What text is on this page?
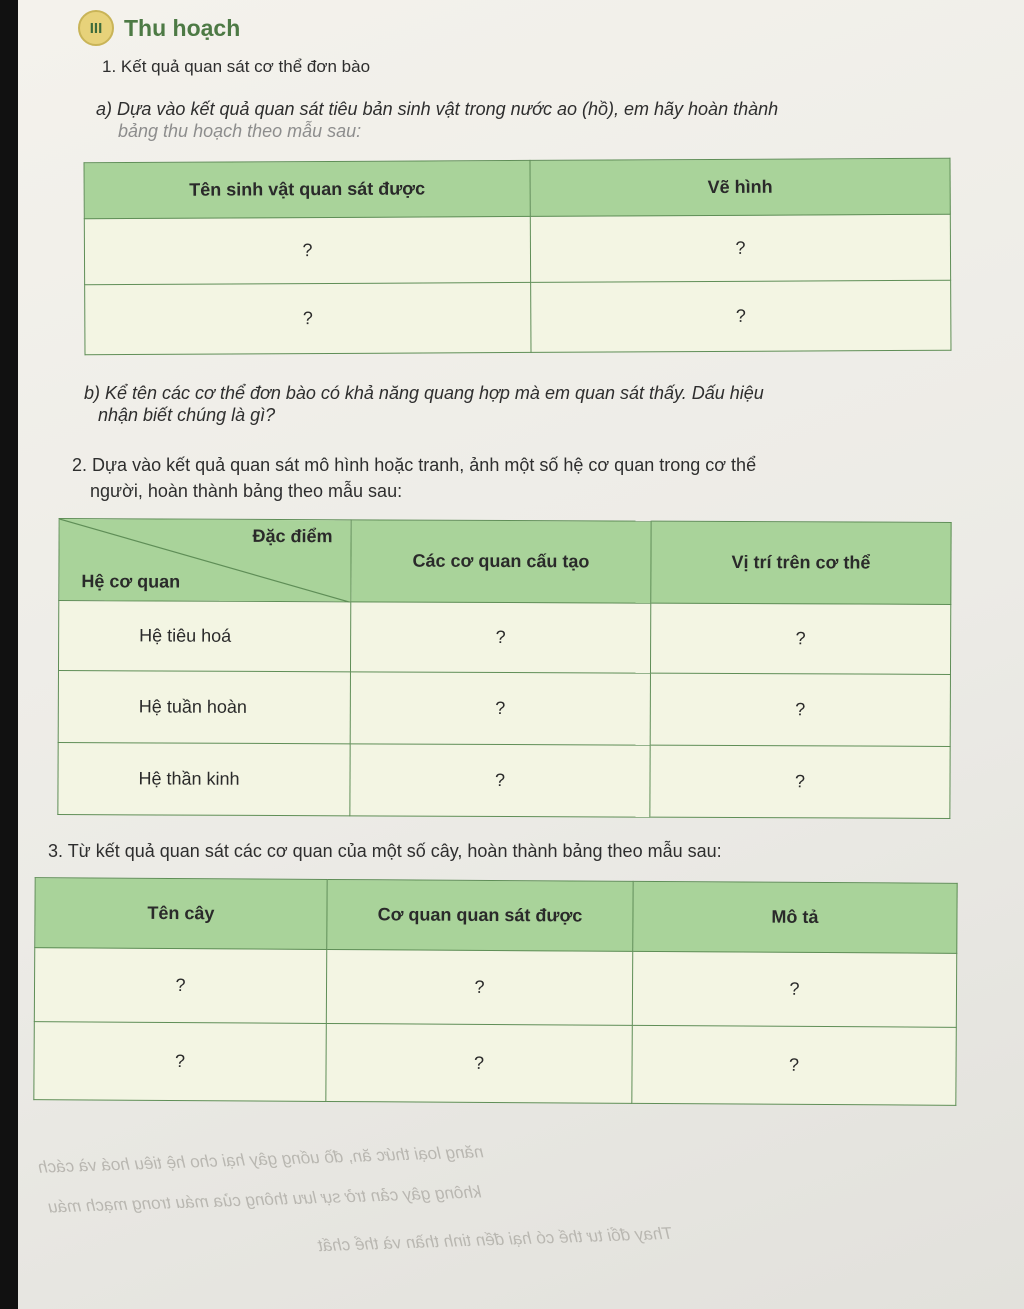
III Thu hoạch
1. Kết quả quan sát cơ thể đơn bào
a) Dựa vào kết quả quan sát tiêu bản sinh vật trong nước ao (hồ), em hãy hoàn thành
bảng thu hoạch theo mẫu sau:
Tên sinh vật quan sát được	Vẽ hình
?	?
?	?
b) Kể tên các cơ thể đơn bào có khả năng quang hợp mà em quan sát thấy. Dấu hiệu
nhận biết chúng là gì?
2. Dựa vào kết quả quan sát mô hình hoặc tranh, ảnh một số hệ cơ quan trong cơ thể
người, hoàn thành bảng theo mẫu sau:
Đặc điểm
Hệ cơ quan	Các cơ quan cấu tạo	Vị trí trên cơ thể
Hệ tiêu hoá	?	?
Hệ tuần hoàn	?	?
Hệ thần kinh	?	?
3. Từ kết quả quan sát các cơ quan của một số cây, hoàn thành bảng theo mẫu sau:
Tên cây	Cơ quan quan sát được	Mô tả
?	?	?
?	?	?
năng loại thức ăn, đồ uống gây hại cho hệ tiêu hoá và cách
không gây cản trở sự lưu thông của máu trong mạch máu
Thay đổi tư thế có hại đến tinh thần và thể chất
